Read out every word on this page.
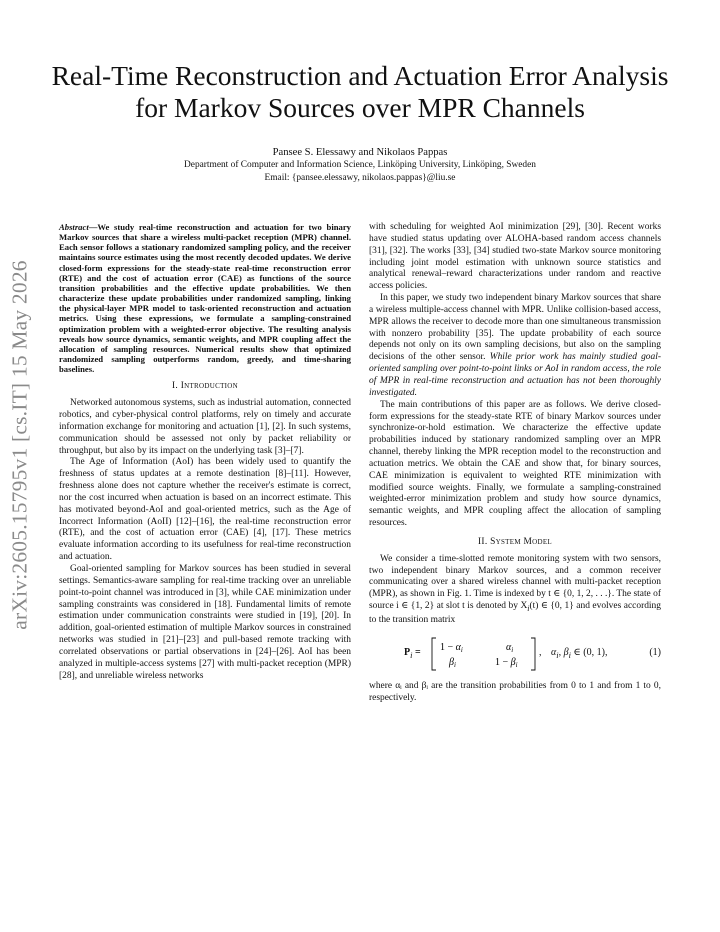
Real-Time Reconstruction and Actuation Error Analysis for Markov Sources over MPR Channels
Pansee S. Elessawy and Nikolaos Pappas
Department of Computer and Information Science, Linköping University, Linköping, Sweden
Email: {pansee.elessawy, nikolaos.pappas}@liu.se
arXiv:2605.15795v1 [cs.IT] 15 May 2026

Abstract—We study real-time reconstruction and actuation for two binary Markov sources that share a wireless multi-packet reception (MPR) channel. Each sensor follows a stationary randomized sampling policy, and the receiver maintains source estimates using the most recently decoded updates. We derive closed-form expressions for the steady-state real-time reconstruction error (RTE) and the cost of actuation error (CAE) as functions of the source transition probabilities and the effective update probabilities. We then characterize these update probabilities under randomized sampling, linking the physical-layer MPR model to task-oriented reconstruction and actuation metrics. Using these expressions, we formulate a sampling-constrained optimization problem with a weighted-error objective. The resulting analysis reveals how source dynamics, semantic weights, and MPR coupling affect the allocation of sampling resources. Numerical results show that optimized randomized sampling outperforms random, greedy, and time-sharing baselines.

I. Introduction

Networked autonomous systems, such as industrial automation, connected robotics, and cyber-physical control platforms, rely on timely and accurate information exchange for monitoring and actuation [1], [2]. In such systems, communication should be assessed not only by packet reliability or throughput, but also by its impact on the underlying task [3]–[7].

The Age of Information (AoI) has been widely used to quantify the freshness of status updates at a remote destination [8]–[11]. However, freshness alone does not capture whether the receiver's estimate is correct, nor the cost incurred when actuation is based on an incorrect estimate. This has motivated beyond-AoI and goal-oriented metrics, such as the Age of Incorrect Information (AoII) [12]–[16], the real-time reconstruction error (RTE), and the cost of actuation error (CAE) [4], [17]. These metrics evaluate information according to its usefulness for real-time reconstruction and actuation.

Goal-oriented sampling for Markov sources has been studied in several settings. Semantics-aware sampling for real-time tracking over an unreliable point-to-point channel was introduced in [3], while CAE minimization under sampling constraints was considered in [18]. Fundamental limits of remote estimation under communication constraints were studied in [19], [20]. In addition, goal-oriented estimation of multiple Markov sources in constrained networks was studied in [21]–[23] and pull-based remote tracking with correlated observations or partial observations in [24]–[26]. AoI has been analyzed in multiple-access systems [27] with multi-packet reception (MPR) [28], and unreliable wireless networks

with scheduling for weighted AoI minimization [29], [30]. Recent works have studied status updating over ALOHA-based random access channels [31], [32]. The works [33], [34] studied two-state Markov source monitoring including joint model estimation with unknown source statistics and analytical renewal–reward characterizations under random and reactive access policies.

In this paper, we study two independent binary Markov sources that share a wireless multiple-access channel with MPR. Unlike collision-based access, MPR allows the receiver to decode more than one simultaneous transmission with nonzero probability [35]. The update probability of each source depends not only on its own sampling decisions, but also on the sampling decisions of the other sensor. While prior work has mainly studied goal-oriented sampling over point-to-point links or AoI in random access, the role of MPR in real-time reconstruction and actuation has not been thoroughly investigated.

The main contributions of this paper are as follows. We derive closed-form expressions for the steady-state RTE of binary Markov sources under synchronize-or-hold estimation. We characterize the effective update probabilities induced by stationary randomized sampling over an MPR channel, thereby linking the MPR reception model to the reconstruction and actuation metrics. We obtain the CAE and show that, for binary sources, CAE minimization is equivalent to weighted RTE minimization with modified source weights. Finally, we formulate a sampling-constrained weighted-error minimization problem and study how source dynamics, semantic weights, and MPR coupling affect the allocation of sampling resources.

II. System Model

We consider a time-slotted remote monitoring system with two sensors, two independent binary Markov sources, and a common receiver communicating over a shared wireless channel with multi-packet reception (MPR), as shown in Fig. 1. Time is indexed by t ∈ {0, 1, 2, . . .}. The state of source i ∈ {1, 2} at slot t is denoted by $X_i(t)$ ∈ {0, 1} and evolves according to the transition matrix

$P_i = 1 - \alpha_i$	$\alpha_i$
$\beta_i$	$1 - \beta_i$
, $\alpha_i$, $\beta_i$ ∈ (0, 1),	(1)

where αᵢ and βᵢ are the transition probabilities from 0 to 1 and from 1 to 0, respectively.
